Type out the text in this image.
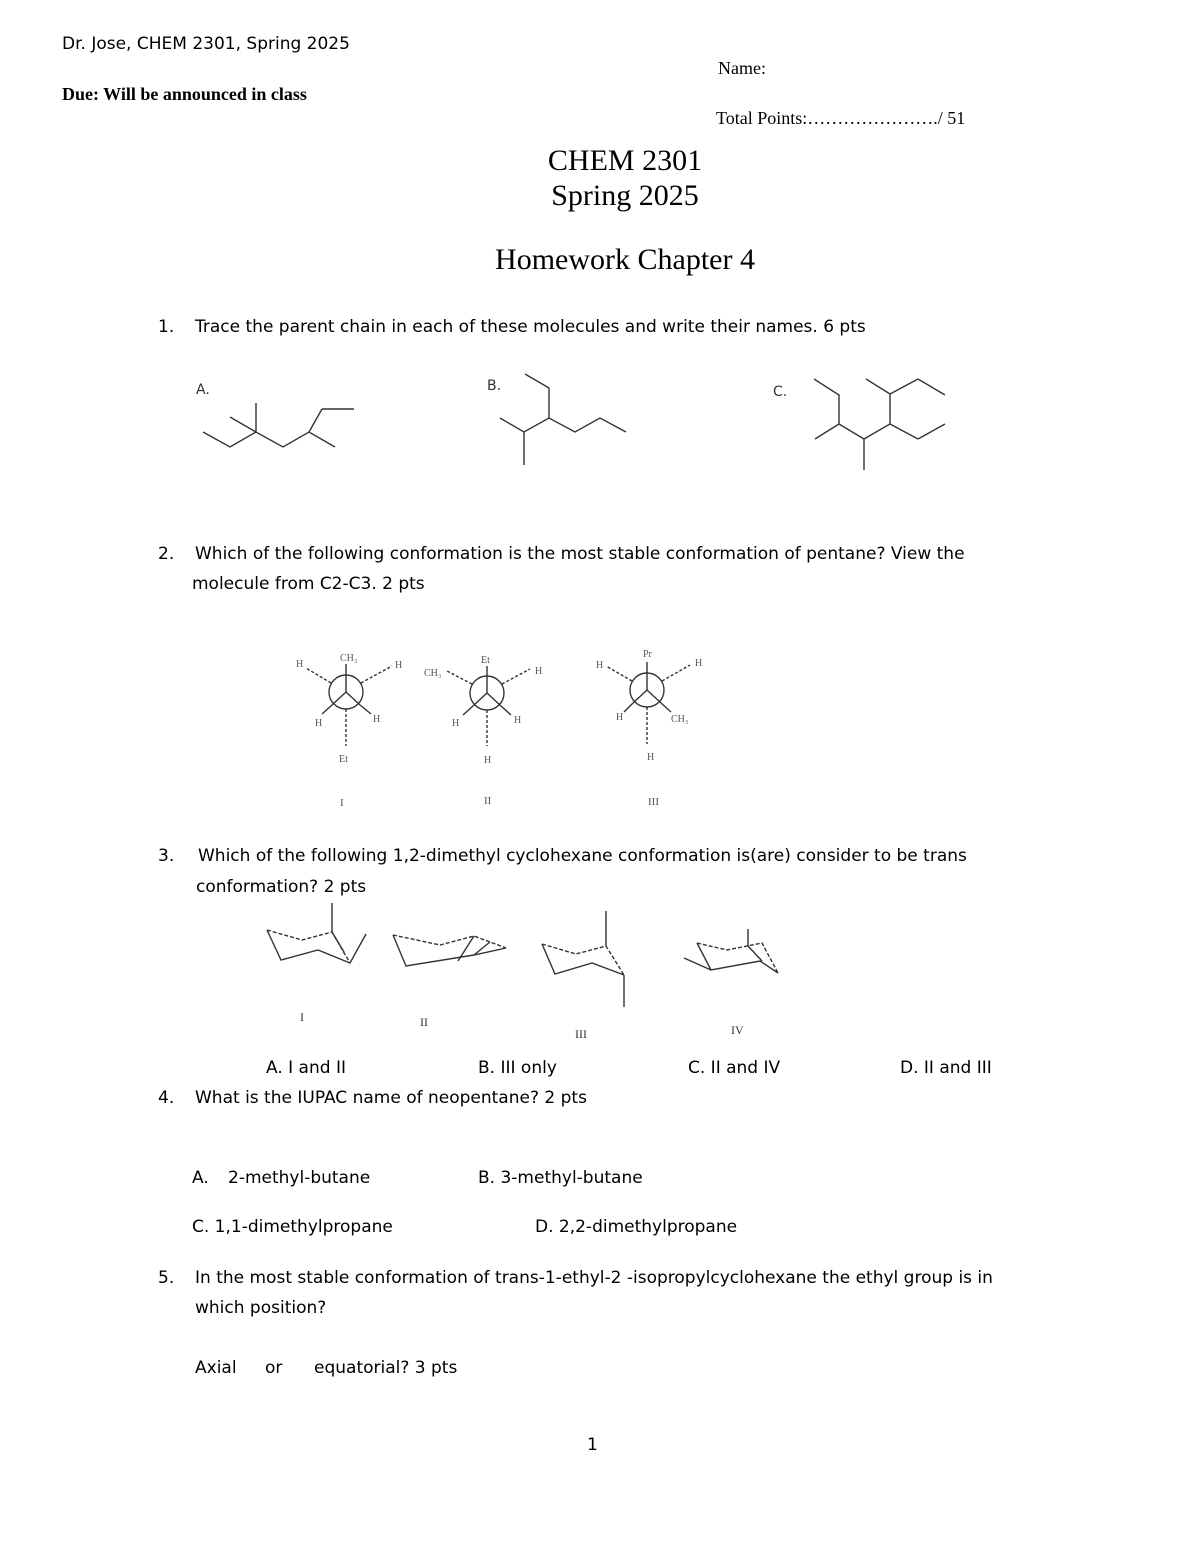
Dr. Jose, CHEM 2301, Spring 2025
Due: Will be announced in class
Name:
Total Points:…………………./ 51
CHEM 2301
Spring 2025
Homework Chapter 4
1. Trace the parent chain in each of these molecules and write their names. 6 pts
A.	B.	C.
2. Which of the following conformation is the most stable conformation of pentane? View the
molecule from C2-C3. 2 pts
CH₃
H	H
H	H
Et
I
Et
CH₃	H
H	H
H
II
Pr
H	H
H	CH₃
H
III
3. Which of the following 1,2-dimethyl cyclohexane conformation is(are) consider to be trans
conformation? 2 pts
I	II
III	IV
A. I and II	B. III only	C. II and IV	D. II and III
4. What is the IUPAC name of neopentane? 2 pts
A. 2-methyl-butane	B. 3-methyl-butane
C. 1,1-dimethylpropane	D. 2,2-dimethylpropane
5. In the most stable conformation of trans-1-ethyl-2 -isopropylcyclohexane the ethyl group is in
which position?
Axial or equatorial? 3 pts
1
